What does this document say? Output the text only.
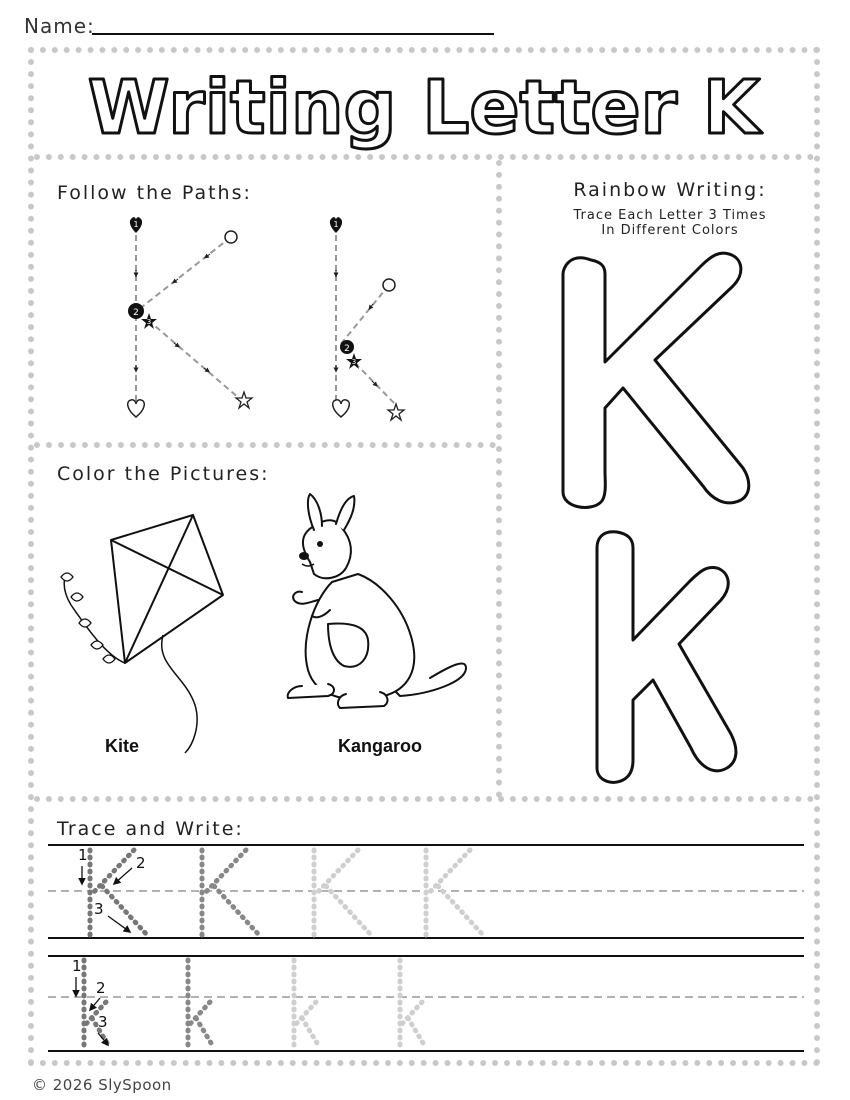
Name:
Writing Letter K
Follow the Paths:
1
2
3
1
2
3
Rainbow Writing:
Trace Each Letter 3 Times
In Different Colors
Color the Pictures:
Kite	Kangaroo
Trace and Write:
1	2
3
1
2
3
© 2026 SlySpoon
